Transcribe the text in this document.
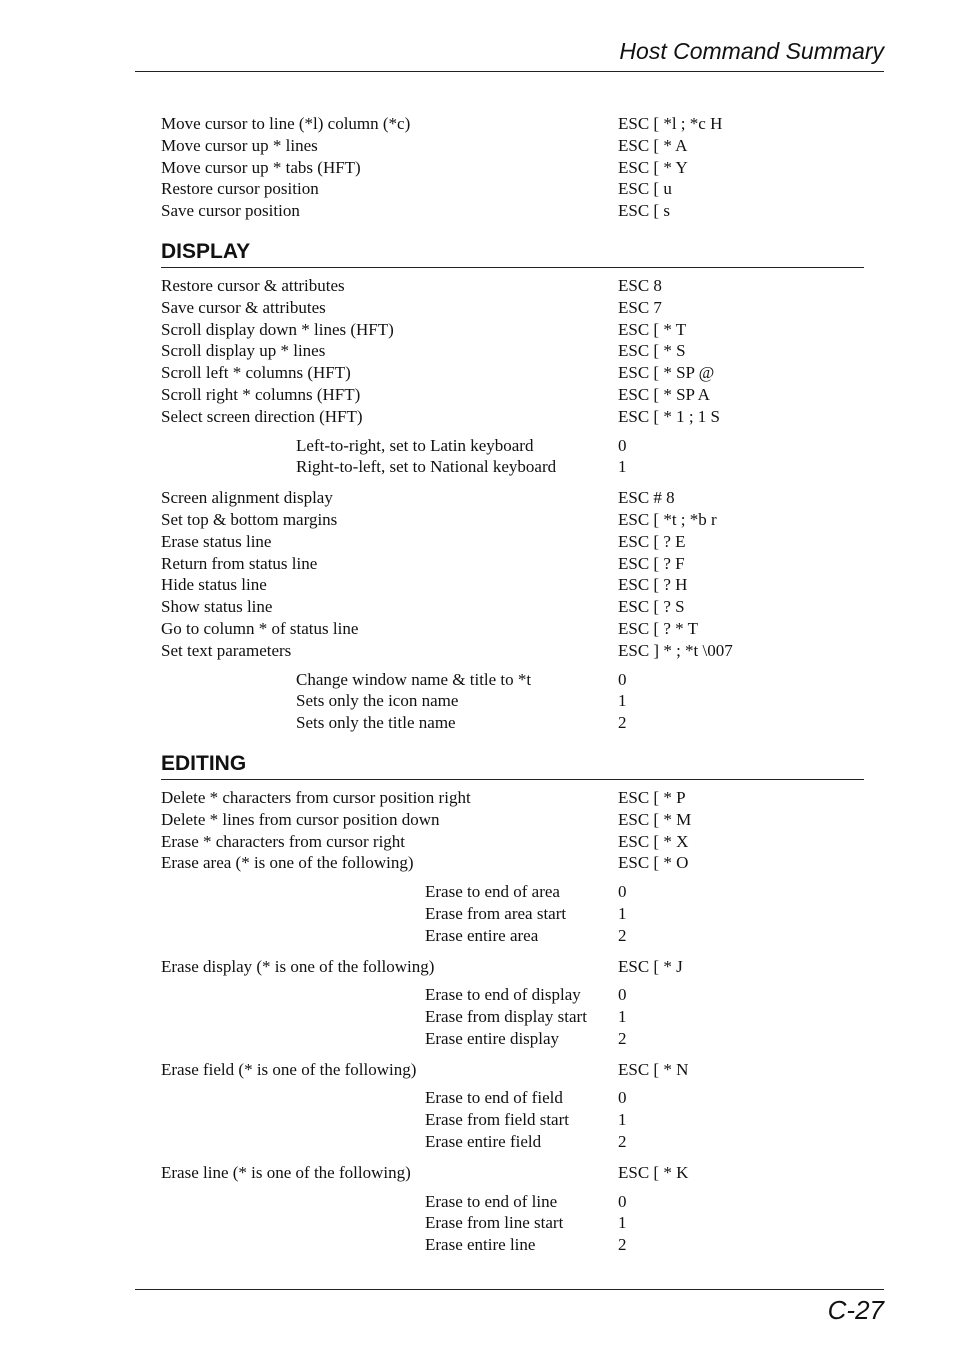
Host Command Summary
Move cursor to line (*l) column (*c)	ESC [ *l ; *c H
Move cursor up * lines	ESC [ * A
Move cursor up * tabs (HFT)	ESC [ * Y
Restore cursor position	ESC [ u
Save cursor position	ESC [ s
DISPLAY
Restore cursor & attributes	ESC 8
Save cursor & attributes	ESC 7
Scroll display down * lines (HFT)	ESC [ * T
Scroll display up * lines	ESC [ * S
Scroll left * columns (HFT)	ESC [ * SP @
Scroll right * columns (HFT)	ESC [ * SP A
Select screen direction (HFT)	ESC [ * 1 ; 1 S
Left-to-right, set to Latin keyboard	0
Right-to-left, set to National keyboard	1
Screen alignment display	ESC # 8
Set top & bottom margins	ESC [ *t ; *b r
Erase status line	ESC [ ? E
Return from status line	ESC [ ? F
Hide status line	ESC [ ? H
Show status line	ESC [ ? S
Go to column * of status line	ESC [ ? * T
Set text parameters	ESC ] * ; *t \007
Change window name & title to *t	0
Sets only the icon name	1
Sets only the title name	2
EDITING
Delete * characters from cursor position right	ESC [ * P
Delete * lines from cursor position down	ESC [ * M
Erase * characters from cursor right	ESC [ * X
Erase area (* is one of the following)	ESC [ * O
Erase to end of area	0
Erase from area start	1
Erase entire area	2
Erase display (* is one of the following)	ESC [ * J
Erase to end of display 0
Erase from display start 1
Erase entire display	2
Erase field (* is one of the following)	ESC [ * N
Erase to end of field	0
Erase from field start	1
Erase entire field	2
Erase line (* is one of the following)	ESC [ * K
Erase to end of line	0
Erase from line start	1
Erase entire line	2
C-27
